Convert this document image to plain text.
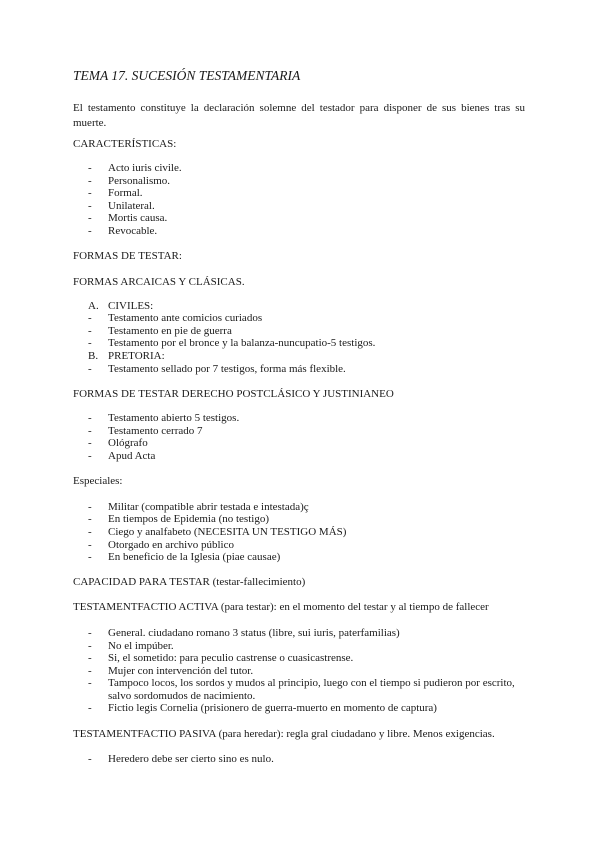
TEMA 17. SUCESIÓN TESTAMENTARIA
El testamento constituye la declaración solemne del testador para disponer de sus bienes tras su muerte.
CARACTERÍSTICAS:
- Acto iuris civile.
- Personalismo.
- Formal.
- Unilateral.
- Mortis causa.
- Revocable.
FORMAS DE TESTAR:
FORMAS ARCAICAS Y CLÁSICAS.
A. CIVILES:
- Testamento ante comicios curiados
- Testamento en pie de guerra
- Testamento por el bronce y la balanza-nuncupatio-5 testigos.
B. PRETORIA:
- Testamento sellado por 7 testigos, forma más flexible.
FORMAS DE TESTAR DERECHO POSTCLÁSICO Y JUSTINIANEO
- Testamento abierto 5 testigos.
- Testamento cerrado 7
- Ológrafo
- Apud Acta
Especiales:
- Militar (compatible abrir testada e intestada)ç
- En tiempos de Epidemia (no testigo)
- Ciego y analfabeto (NECESITA UN TESTIGO MÁS)
- Otorgado en archivo público
- En beneficio de la Iglesia (piae causae)
CAPACIDAD PARA TESTAR (testar-fallecimiento)
TESTAMENTFACTIO ACTIVA (para testar): en el momento del testar y al tiempo de fallecer
- General. ciudadano romano 3 status (libre, sui iuris, paterfamilias)
- No el impúber.
- Si, el sometido: para peculio castrense o cuasicastrense.
- Mujer con intervención del tutor.
-	Tampoco locos, los sordos y mudos al principio, luego con el tiempo si pudieron por escrito, salvo sordomudos de nacimiento.
- Fictio legis Cornelia (prisionero de guerra-muerto en momento de captura)
TESTAMENTFACTIO PASIVA (para heredar): regla gral ciudadano y libre. Menos exigencias.
- Heredero debe ser cierto sino es nulo.
